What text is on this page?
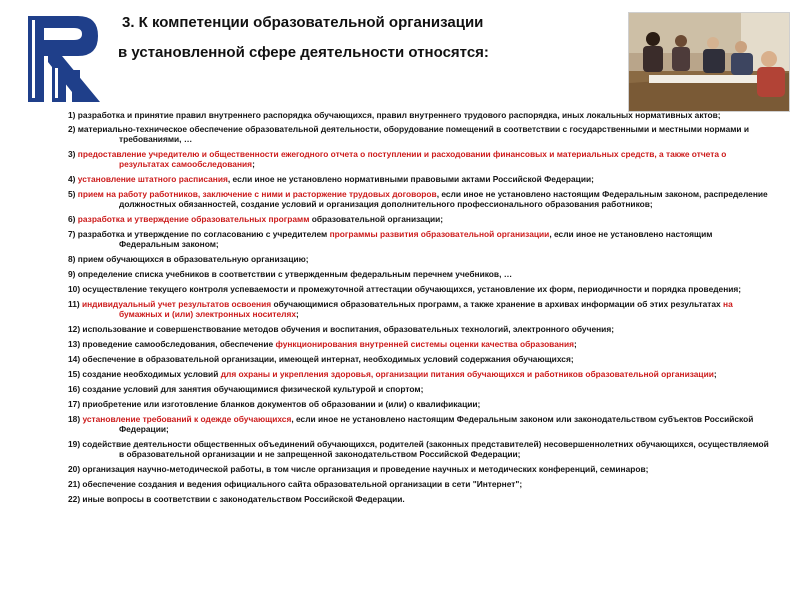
3. К компетенции образовательной организации
в установленной сфере деятельности относятся:
1) разработка и принятие правил внутреннего распорядка обучающихся, правил внутреннего трудового распорядка, иных локальных нормативных актов;
2) материально-техническое обеспечение образовательной деятельности, оборудование помещений в соответствии с государственными и местными нормами и требованиями, …
3) предоставление учредителю и общественности ежегодного отчета о поступлении и расходовании финансовых и материальных средств, а также отчета о результатах самообследования;
4) установление штатного расписания, если иное не установлено нормативными правовыми актами Российской Федерации;
5) прием на работу работников, заключение с ними и расторжение трудовых договоров, если иное не установлено настоящим Федеральным законом, распределение должностных обязанностей, создание условий и организация дополнительного профессионального образования работников;
6) разработка и утверждение образовательных программ образовательной организации;
7) разработка и утверждение по согласованию с учредителем программы развития образовательной организации, если иное не установлено настоящим Федеральным законом;
8) прием обучающихся в образовательную организацию;
9) определение списка учебников в соответствии с утвержденным федеральным перечнем учебников, …
10) осуществление текущего контроля успеваемости и промежуточной аттестации обучающихся, установление их форм, периодичности и порядка проведения;
11) индивидуальный учет результатов освоения обучающимися образовательных программ, а также хранение в архивах информации об этих результатах на бумажных и (или) электронных носителях;
12) использование и совершенствование методов обучения и воспитания, образовательных технологий, электронного обучения;
13) проведение самообследования, обеспечение функционирования внутренней системы оценки качества образования;
14) обеспечение в образовательной организации, имеющей интернат, необходимых условий содержания обучающихся;
15) создание необходимых условий для охраны и укрепления здоровья, организации питания обучающихся и работников образовательной организации;
16) создание условий для занятия обучающимися физической культурой и спортом;
17) приобретение или изготовление бланков документов об образовании и (или) о квалификации;
18) установление требований к одежде обучающихся, если иное не установлено настоящим Федеральным законом или законодательством субъектов Российской Федерации;
19) содействие деятельности общественных объединений обучающихся, родителей (законных представителей) несовершеннолетних обучающихся, осуществляемой в образовательной организации и не запрещенной законодательством Российской Федерации;
20) организация научно-методической работы, в том числе организация и проведение научных и методических конференций, семинаров;
21) обеспечение создания и ведения официального сайта образовательной организации в сети "Интернет";
22) иные вопросы в соответствии с законодательством Российской Федерации.
